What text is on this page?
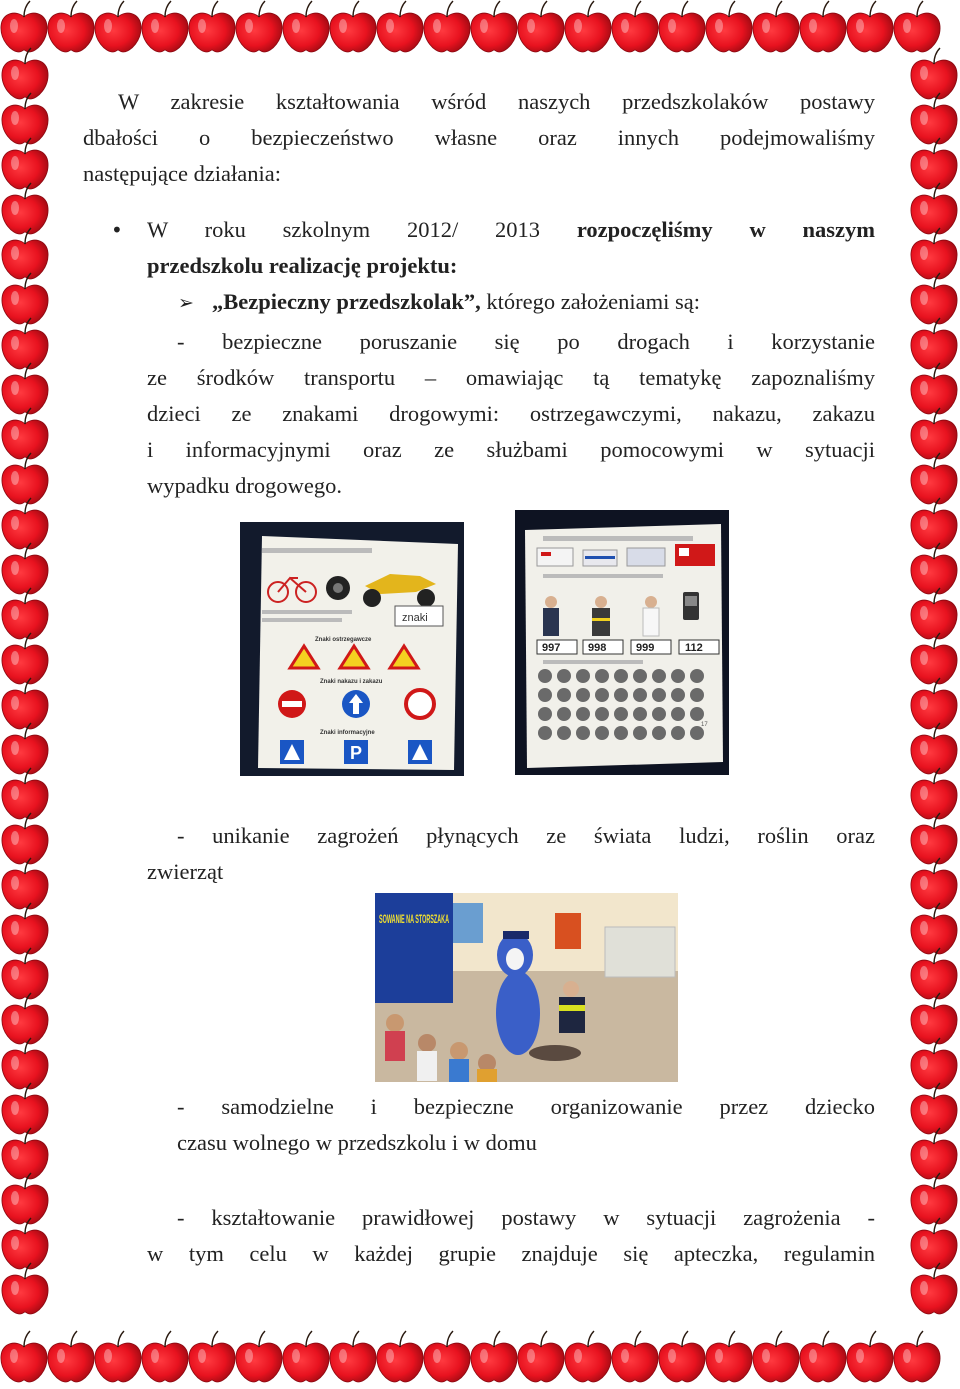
W zakresie kształtowania wśród naszych przedszkolaków postawy
dbałości o bezpieczeństwo własne oraz innych podejmowaliśmy
następujące działania:
• W roku szkolnym 2012/ 2013 rozpoczęliśmy w naszym
przedszkolu realizację projektu:
➢ „Bezpieczny przedszkolak”, którego założeniami są:
- bezpieczne poruszanie się po drogach i korzystanie
ze środków transportu – omawiając tą tematykę zapoznaliśmy
dzieci ze znakami drogowymi: ostrzegawczymi, nakazu, zakazu
i informacyjnymi oraz ze służbami pomocowymi w sytuacji
wypadku drogowego.
znaki
Znaki ostrzegawcze
Znaki nakazu i zakazu
Znaki informacyjne
P
997	998	999	112
17
- unikanie zagrożeń płynących ze świata ludzi, roślin oraz
zwierząt
SOWANIE NA STORSZAKA
- samodzielne i bezpieczne organizowanie przez dziecko
czasu wolnego w przedszkolu i w domu
- kształtowanie prawidłowej postawy w sytuacji zagrożenia -
w tym celu w każdej grupie znajduje się apteczka, regulamin
